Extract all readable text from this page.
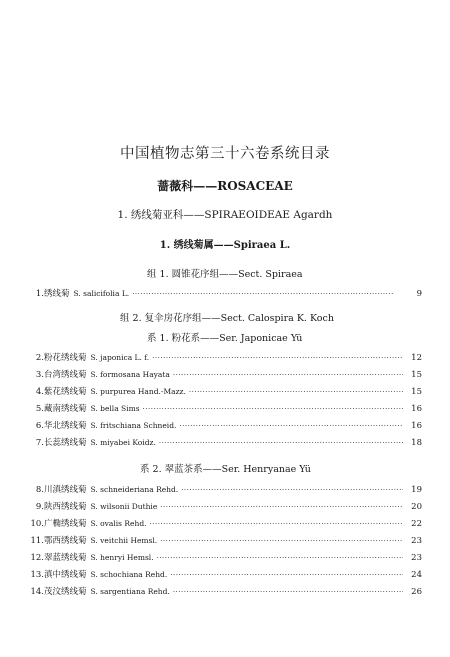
中国植物志第三十六卷系统目录
蔷薇科——ROSACEAE
1. 绣线菊亚科——SPIRAEOIDEAE Agardh
1. 绣线菊属——Spiraea L.
组 1. 圆锥花序组——Sect. Spiraea
1. 绣线菊 S. salicifolia L. ·····	9
组 2. 复伞房花序组——Sect. Calospira K. Koch
系 1. 粉花系——Ser. Japonicae Yü
2. 粉花绣线菊 S. japonica L. f. ·····	12
3. 台湾绣线菊 S. formosana Hayata ·····	15
4. 紫花绣线菊 S. purpurea Hand.-Mazz. ·····	15
5. 藏南绣线菊 S. bella Sims ·····	16
6. 华北绣线菊 S. fritschiana Schneid. ·····	16
7. 长蕊绣线菊 S. miyabei Koidz. ·····	18
系 2. 翠蓝茶系——Ser. Henryanae Yü
8. 川滇绣线菊 S. schneideriana Rehd. ·····	19
9. 陕西绣线菊 S. wilsonii Duthie ·····	20
10. 广椭绣线菊 S. ovalis Rehd. ·····	22
11. 鄂西绣线菊 S. veitchii Hemsl. ·····	23
12. 翠蓝绣线菊 S. henryi Hemsl. ·····	23
13. 滇中绣线菊 S. schochiana Rehd. ·····	24
14. 茂汶绣线菊 S. sargentiana Rehd. ·····	26
